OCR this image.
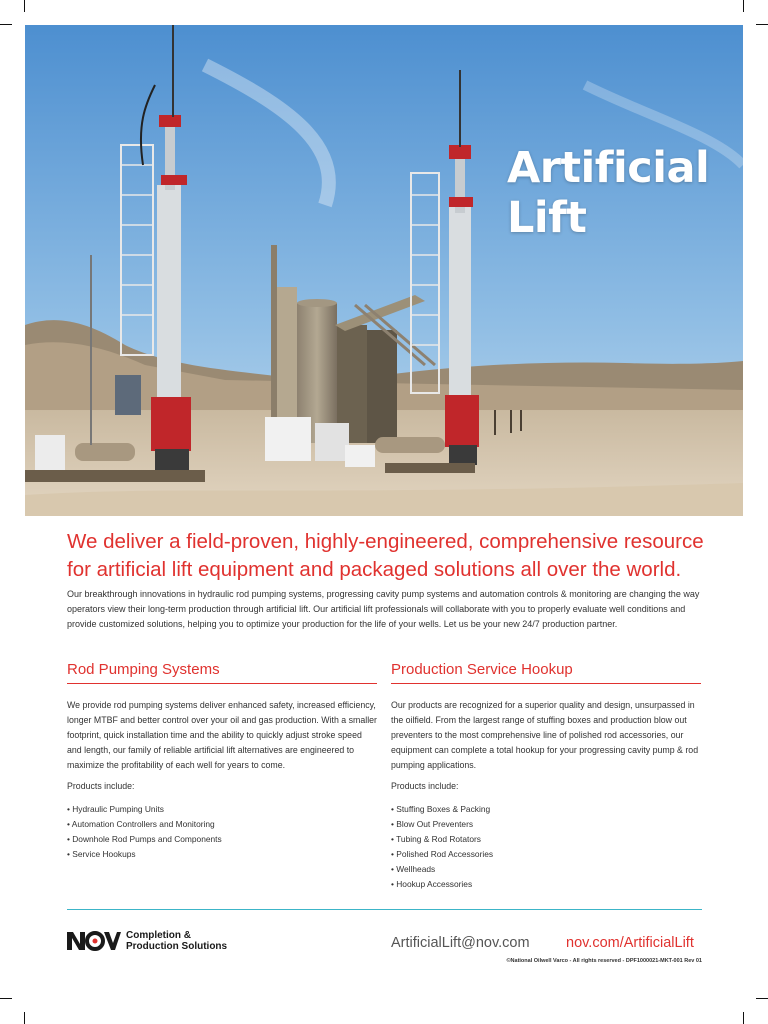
Artificial
Lift
We deliver a field-proven, highly-engineered, comprehensive resource for artificial lift equipment and packaged solutions all over the world.

Our breakthrough innovations in hydraulic rod pumping systems, progressing cavity pump systems and automation controls & monitoring are changing the way operators view their long-term production through artificial lift. Our artificial lift professionals will collaborate with you to properly evaluate well conditions and provide customized solutions, helping you to optimize your production for the life of your wells. Let us be your new 24/7 production partner.

Rod Pumping Systems

We provide rod pumping systems deliver enhanced safety, increased efficiency, longer MTBF and better control over your oil and gas production. With a smaller footprint, quick installation time and the ability to quickly adjust stroke speed and length, our family of reliable artificial lift alternatives are engineered to maximize the profitability of each well for years to come.

Products include:

• Hydraulic Pumping Units
• Automation Controllers and Monitoring
• Downhole Rod Pumps and Components
• Service Hookups
Production Service Hookup

Our products are recognized for a superior quality and design, unsurpassed in the oilfield. From the largest range of stuffing boxes and production blow out preventers to the most comprehensive line of polished rod accessories, our equipment can complete a total hookup for your progressing cavity pump & rod pumping applications.

Products include:

• Stuffing Boxes & Packing
• Blow Out Preventers
• Tubing & Rod Rotators
• Polished Rod Accessories
• Wellheads
• Hookup Accessories
Completion &
Production Solutions	ArtificialLift@nov.com	nov.com/ArtificialLift
©National Oilwell Varco - All rights reserved - DPF1000021-MKT-001 Rev 01
